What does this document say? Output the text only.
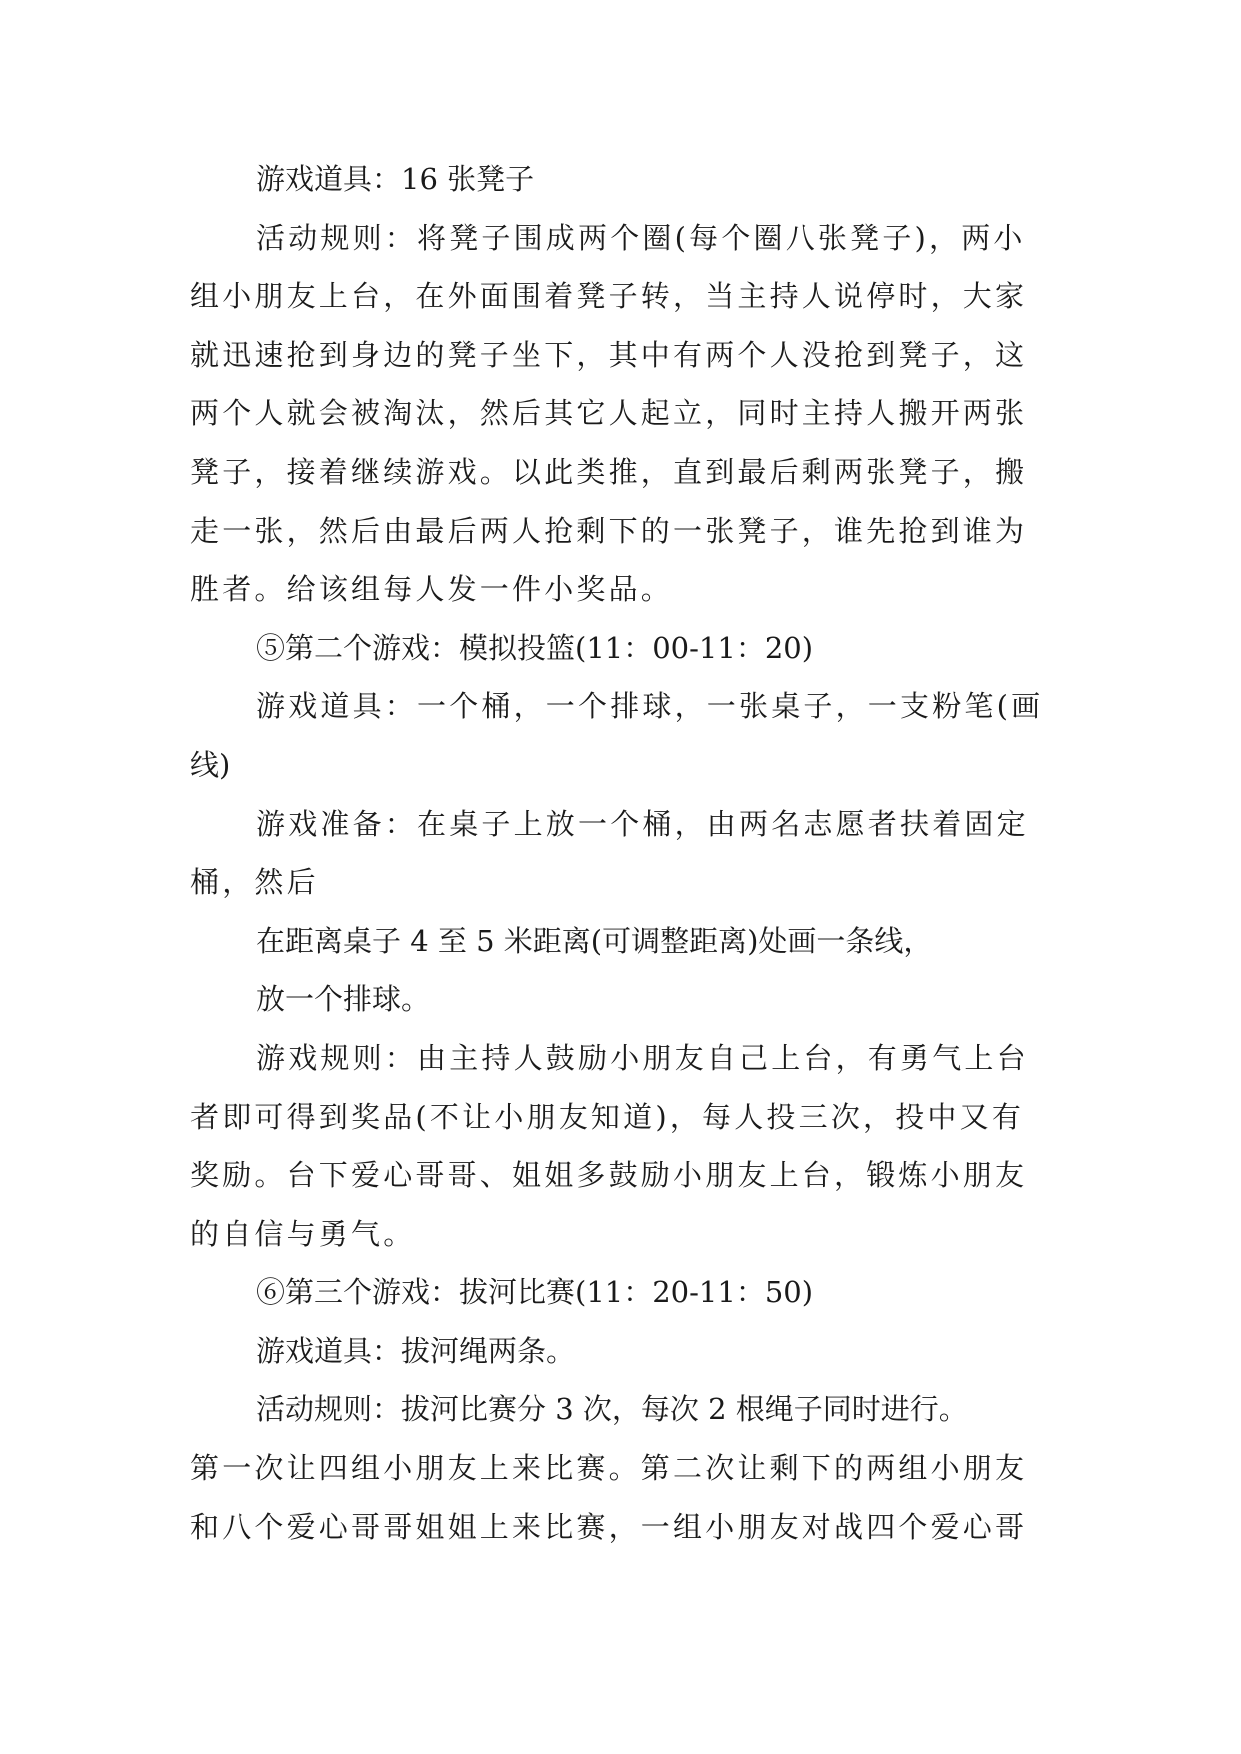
游戏道具：16 张凳子
活动规则：将凳子围成两个圈(每个圈八张凳子)，两小
组小朋友上台，在外面围着凳子转，当主持人说停时，大家
就迅速抢到身边的凳子坐下，其中有两个人没抢到凳子，这
两个人就会被淘汰，然后其它人起立，同时主持人搬开两张
凳子，接着继续游戏。以此类推，直到最后剩两张凳子，搬
走一张，然后由最后两人抢剩下的一张凳子，谁先抢到谁为
胜者。给该组每人发一件小奖品。
⑤第二个游戏：模拟投篮(11：00-11：20)
游戏道具：一个桶，一个排球，一张桌子，一支粉笔(画
线)
游戏准备：在桌子上放一个桶，由两名志愿者扶着固定
桶，然后
在距离桌子 4 至 5 米距离(可调整距离)处画一条线，
放一个排球。
游戏规则：由主持人鼓励小朋友自己上台，有勇气上台
者即可得到奖品(不让小朋友知道)，每人投三次，投中又有
奖励。台下爱心哥哥、姐姐多鼓励小朋友上台，锻炼小朋友
的自信与勇气。
⑥第三个游戏：拔河比赛(11：20-11：50)
游戏道具：拔河绳两条。
活动规则：拔河比赛分 3 次，每次 2 根绳子同时进行。
第一次让四组小朋友上来比赛。第二次让剩下的两组小朋友
和八个爱心哥哥姐姐上来比赛，一组小朋友对战四个爱心哥
